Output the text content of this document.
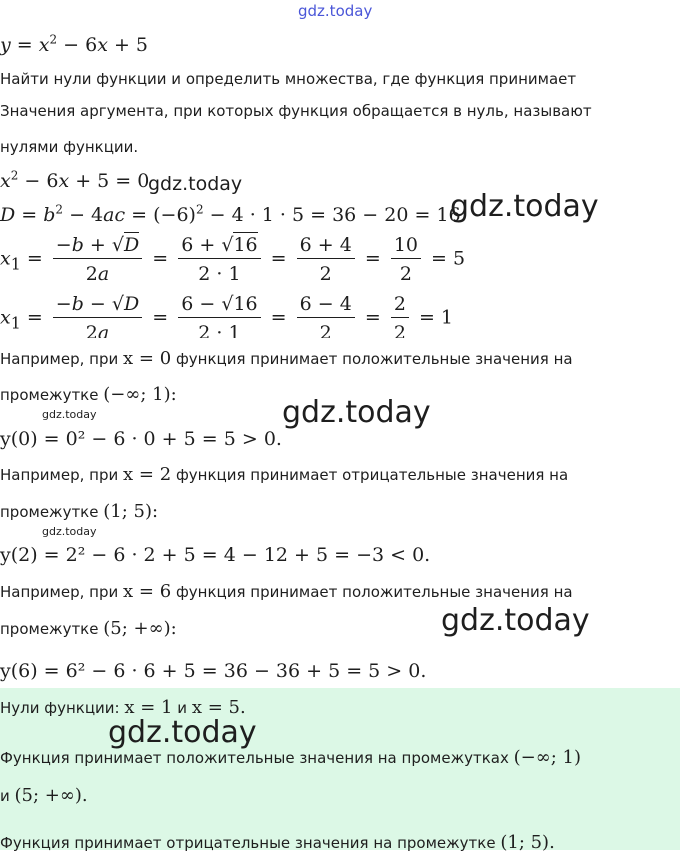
gdz.today
$y = x^2 - 6x + 5$
Найти нули функции и определить множества, где функция принимает
Значения аргумента, при которых функция обращается в нуль, называют
нулями функции.
$x^2 - 6x + 5 = 0$
gdz.today
$D = b^2 - 4ac = (-6)^2 - 4 \cdot 1 \cdot 5 = 36 - 20 = 16$
gdz.today
$x_1 = \frac{-b + √D}{2a} = \frac{6 + √16}{2 \cdot 1} = \frac{6 + 4}{2} = \frac{10}{2} = 5$
$x_1 = \frac{-b - √D}{2a} = \frac{6 - √16}{2 \cdot 1} = \frac{6 - 4}{2} = \frac{2}{2} = 1$
Например, при x = 0 функция принимает положительные значения на
промежутке (−∞; 1):
gdz.today	gdz.today
y(0) = 0² − 6 · 0 + 5 = 5 > 0.
Например, при x = 2 функция принимает отрицательные значения на
промежутке (1; 5):
gdz.today
y(2) = 2² − 6 · 2 + 5 = 4 − 12 + 5 = −3 < 0.
Например, при x = 6 функция принимает положительные значения на
промежутке (5; +∞):	gdz.today
y(6) = 6² − 6 · 6 + 5 = 36 − 36 + 5 = 5 > 0.
Нули функции: x = 1 и x = 5.
gdz.today
Функция принимает положительные значения на промежутках (−∞; 1)
и (5; +∞).
Функция принимает отрицательные значения на промежутке (1; 5).
